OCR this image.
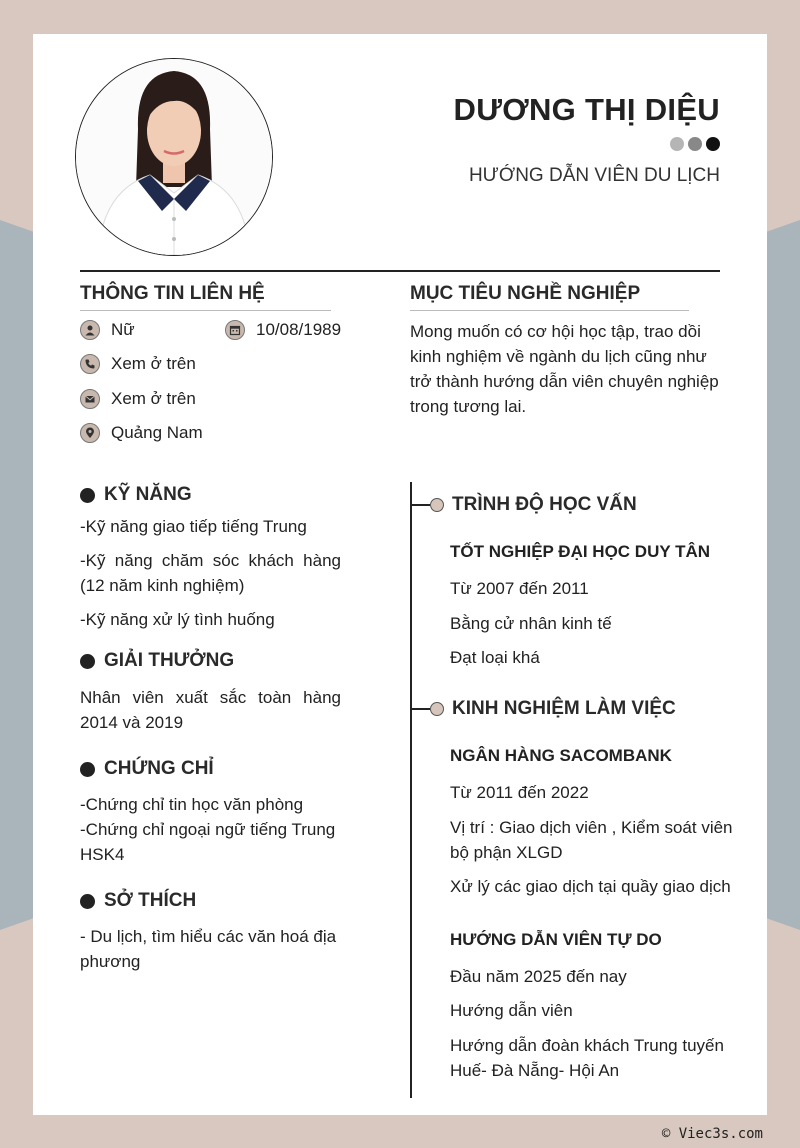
DƯƠNG THỊ DIỆU
HƯỚNG DẪN VIÊN DU LỊCH
THÔNG TIN LIÊN HỆ
Nữ	10/08/1989
Xem ở trên
Xem ở trên
Quảng Nam
MỤC TIÊU NGHỀ NGHIỆP
Mong muốn có cơ hội học tập, trao dồi kinh nghiệm về ngành du lịch cũng như trở thành hướng dẫn viên chuyên nghiệp trong tương lai.
KỸ NĂNG
-Kỹ năng giao tiếp tiếng Trung
-Kỹ năng chăm sóc khách hàng (12 năm kinh nghiệm)
-Kỹ năng xử lý tình huống
GIẢI THƯỞNG
Nhân viên xuất sắc toàn hàng 2014 và 2019
CHỨNG CHỈ
-Chứng chỉ tin học văn phòng
-Chứng chỉ ngoại ngữ tiếng Trung HSK4
SỞ THÍCH
- Du lịch, tìm hiểu các văn hoá địa phương
TRÌNH ĐỘ HỌC VẤN
TỐT NGHIỆP ĐẠI HỌC DUY TÂN
Từ 2007 đến 2011
Bằng cử nhân kinh tế
Đạt loại khá
KINH NGHIỆM LÀM VIỆC
NGÂN HÀNG SACOMBANK
Từ 2011 đến 2022
Vị trí : Giao dịch viên , Kiểm soát viên bộ phận XLGD
Xử lý các giao dịch tại quầy giao dịch
HƯỚNG DẪN VIÊN TỰ DO
Đầu năm 2025 đến nay
Hướng dẫn viên
Hướng dẫn đoàn khách Trung tuyến Huế- Đà Nẵng- Hội An
© Viec3s.com
